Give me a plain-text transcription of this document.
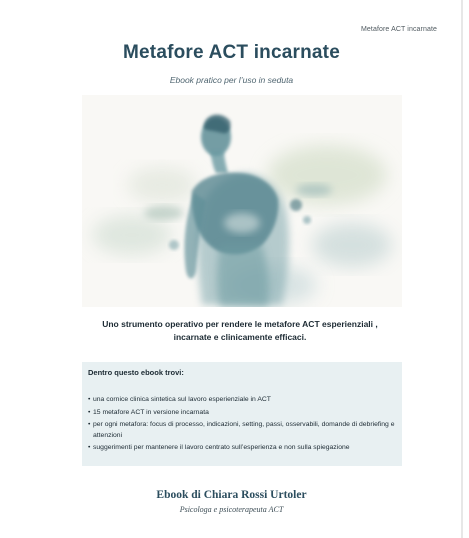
Metafore ACT incarnate
Metafore ACT incarnate
Ebook pratico per l’uso in seduta
Uno strumento operativo per rendere le metafore ACT esperienziali , incarnate e clinicamente efficaci.
Dentro questo ebook trovi:
• una cornice clinica sintetica sul lavoro esperienziale in ACT
• 15 metafore ACT in versione incarnata
• per ogni metafora: focus di processo, indicazioni, setting, passi, osservabili, domande di debriefing e attenzioni
• suggerimenti per mantenere il lavoro centrato sull’esperienza e non sulla spiegazione
Ebook di Chiara Rossi Urtoler
Psicologa e psicoterapeuta ACT
